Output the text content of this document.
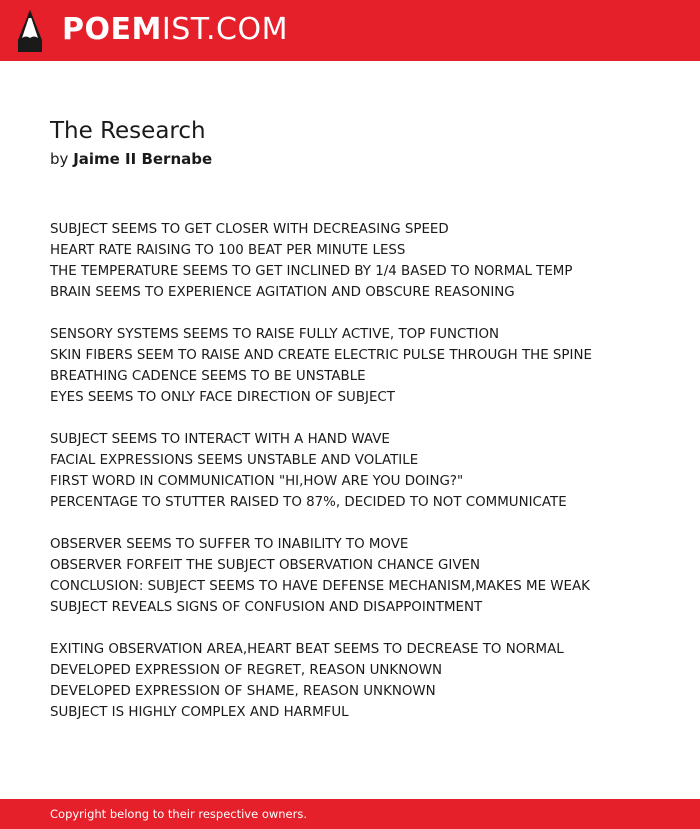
POEMIST.COM
The Research
by Jaime II Bernabe
SUBJECT SEEMS TO GET CLOSER WITH DECREASING SPEED
HEART RATE RAISING TO 100 BEAT PER MINUTE LESS
THE TEMPERATURE SEEMS TO GET INCLINED BY 1/4 BASED TO NORMAL TEMP
BRAIN SEEMS TO EXPERIENCE AGITATION AND OBSCURE REASONING
SENSORY SYSTEMS SEEMS TO RAISE FULLY ACTIVE, TOP FUNCTION
SKIN FIBERS SEEM TO RAISE AND CREATE ELECTRIC PULSE THROUGH THE SPINE
BREATHING CADENCE SEEMS TO BE UNSTABLE
EYES SEEMS TO ONLY FACE DIRECTION OF SUBJECT
SUBJECT SEEMS TO INTERACT WITH A HAND WAVE
FACIAL EXPRESSIONS SEEMS UNSTABLE AND VOLATILE
FIRST WORD IN COMMUNICATION "HI,HOW ARE YOU DOING?"
PERCENTAGE TO STUTTER RAISED TO 87%, DECIDED TO NOT COMMUNICATE
OBSERVER SEEMS TO SUFFER TO INABILITY TO MOVE
OBSERVER FORFEIT THE SUBJECT OBSERVATION CHANCE GIVEN
CONCLUSION: SUBJECT SEEMS TO HAVE DEFENSE MECHANISM,MAKES ME WEAK
SUBJECT REVEALS SIGNS OF CONFUSION AND DISAPPOINTMENT
EXITING OBSERVATION AREA,HEART BEAT SEEMS TO DECREASE TO NORMAL
DEVELOPED EXPRESSION OF REGRET, REASON UNKNOWN
DEVELOPED EXPRESSION OF SHAME, REASON UNKNOWN
SUBJECT IS HIGHLY COMPLEX AND HARMFUL
Copyright belong to their respective owners.
